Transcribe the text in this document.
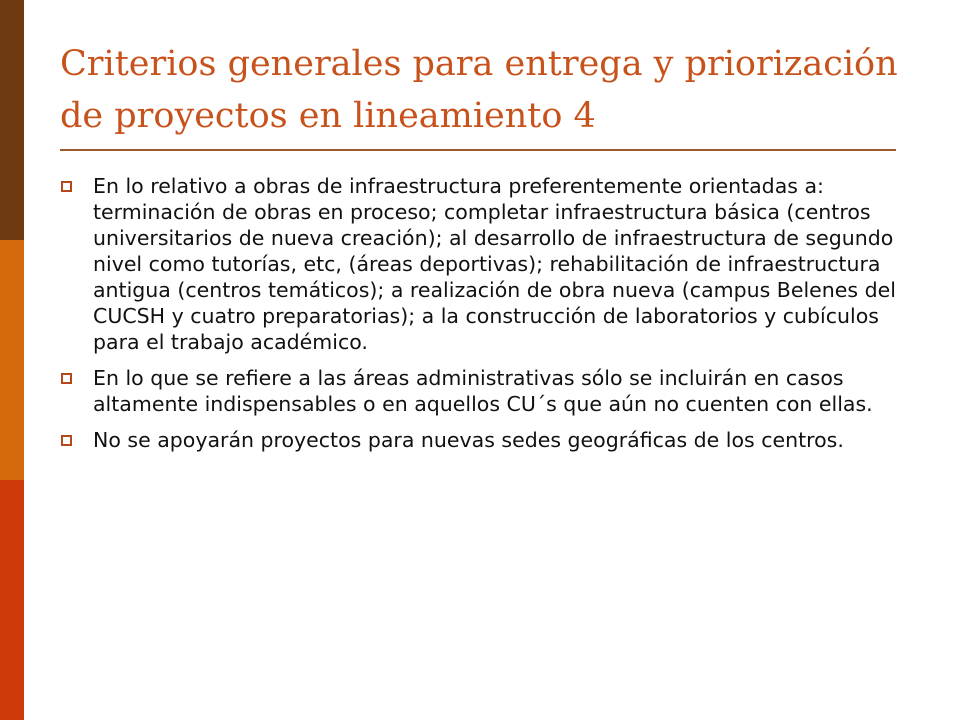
Criterios generales para entrega y priorización de proyectos en lineamiento 4
En lo relativo a obras de infraestructura preferentemente orientadas a: terminación de obras en proceso; completar infraestructura básica (centros universitarios de nueva creación); al desarrollo de infraestructura de segundo nivel como tutorías, etc, (áreas deportivas); rehabilitación de infraestructura antigua (centros temáticos); a realización de obra nueva (campus Belenes del CUCSH y cuatro preparatorias); a la construcción de laboratorios y cubículos para el trabajo académico.
En lo que se refiere a las áreas administrativas sólo se incluirán en casos altamente indispensables o en aquellos CU´s que aún no cuenten con ellas.
No se apoyarán proyectos para nuevas sedes geográficas de los centros.
